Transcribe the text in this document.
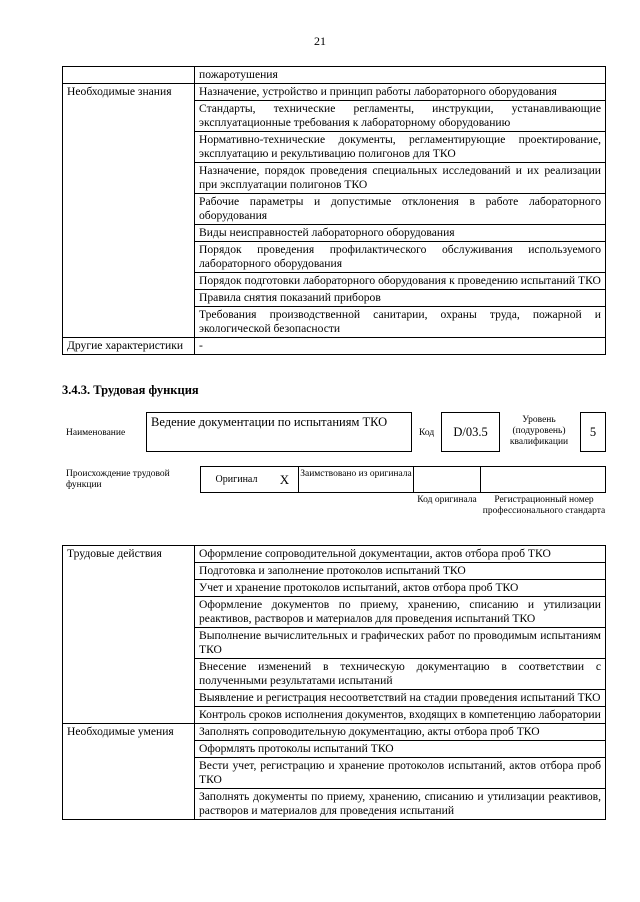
21
	пожаротушения
Необходимые знания	Назначение, устройство и принцип работы лабораторного оборудования
	Стандарты, технические регламенты, инструкции, устанавливающие эксплуатационные требования к лабораторному оборудованию
	Нормативно-технические документы, регламентирующие проектирование, эксплуатацию и рекультивацию полигонов для ТКО
	Назначение, порядок проведения специальных исследований и их реализации при эксплуатации полигонов ТКО
	Рабочие параметры и допустимые отклонения в работе лабораторного оборудования
	Виды неисправностей лабораторного оборудования
	Порядок проведения профилактического обслуживания используемого лабораторного оборудования
	Порядок подготовки лабораторного оборудования к проведению испытаний ТКО
	Правила снятия показаний приборов
	Требования производственной санитарии, охраны труда, пожарной и экологической безопасности
Другие характеристики	-
3.4.3. Трудовая функция
Наименование
Ведение документации по испытаниям ТКО
Код	D/03.5
Уровень (подуровень) квалификации
5
Происхождение трудовой функции	Оригинал	X	Заимствовано из оригинала
Код оригинала	Регистрационный номер профессионального стандарта
Трудовые действия	Оформление сопроводительной документации, актов отбора проб ТКО
	Подготовка и заполнение протоколов испытаний ТКО
	Учет и хранение протоколов испытаний, актов отбора проб ТКО
	Оформление документов по приему, хранению, списанию и утилизации реактивов, растворов и материалов для проведения испытаний ТКО
	Выполнение вычислительных и графических работ по проводимым испытаниям ТКО
	Внесение изменений в техническую документацию в соответствии с полученными результатами испытаний
	Выявление и регистрация несоответствий на стадии проведения испытаний ТКО
	Контроль сроков исполнения документов, входящих в компетенцию лаборатории
Необходимые умения	Заполнять сопроводительную документацию, акты отбора проб ТКО
	Оформлять протоколы испытаний ТКО
	Вести учет, регистрацию и хранение протоколов испытаний, актов отбора проб ТКО
	Заполнять документы по приему, хранению, списанию и утилизации реактивов, растворов и материалов для проведения испытаний
